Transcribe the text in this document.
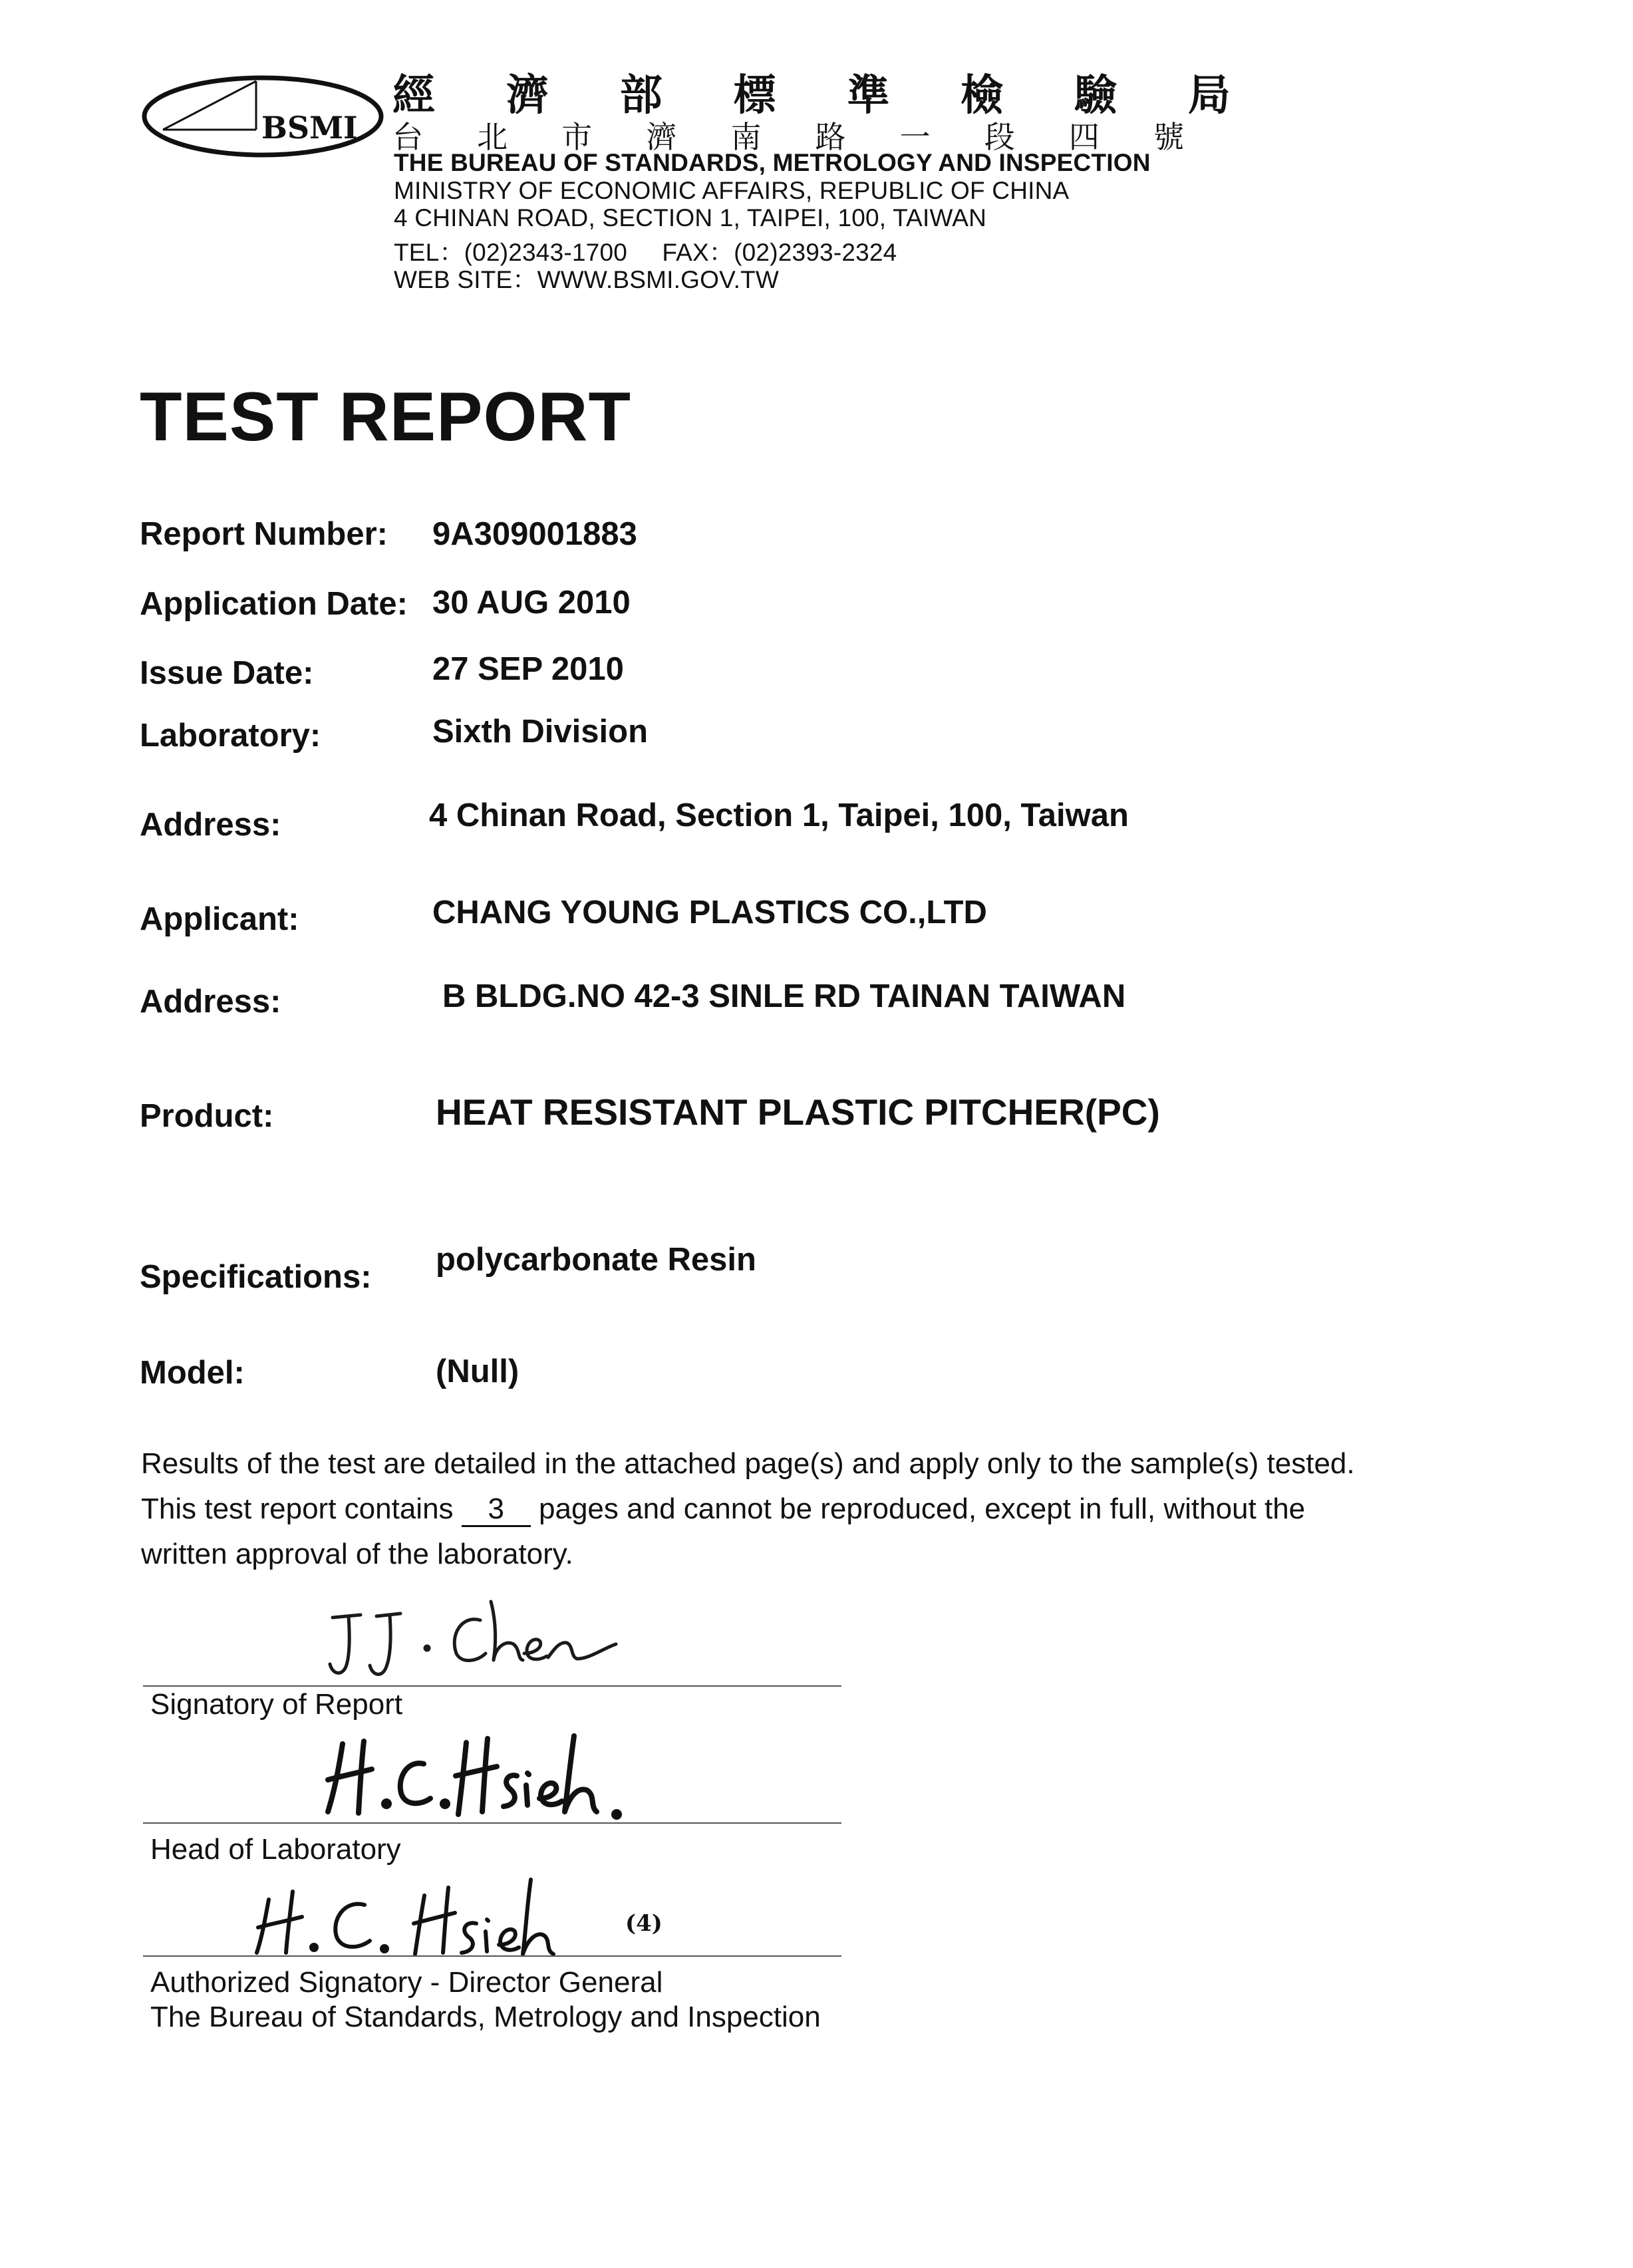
BSMI
經 濟 部 標 準 檢 驗 局
台 北 市 濟 南 路 一 段 四 號
THE BUREAU OF STANDARDS, METROLOGY AND INSPECTION
MINISTRY OF ECONOMIC AFFAIRS, REPUBLIC OF CHINA
4 CHINAN ROAD, SECTION 1, TAIPEI, 100, TAIWAN
TEL：(02)2343-1700     FAX：(02)2393-2324
WEB SITE：WWW.BSMI.GOV.TW
TEST REPORT
Report Number: 9A309001883
Application Date: 30 AUG 2010
Issue Date:	27 SEP 2010
Laboratory:	Sixth Division
Address:	4 Chinan Road, Section 1, Taipei, 100, Taiwan
Applicant:	CHANG YOUNG PLASTICS CO.,LTD
Address:	B BLDG.NO 42-3 SINLE RD TAINAN TAIWAN
Product:	HEAT RESISTANT PLASTIC PITCHER(PC)
Specifications: polycarbonate Resin
Model:	(Null)
Results of the test are detailed in the attached page(s) and apply only to the sample(s) tested.
This test report contains 3 pages and cannot be reproduced, except in full, without the
written approval of the laboratory.
Signatory of Report
Head of Laboratory
(4)
Authorized Signatory - Director General
The Bureau of Standards, Metrology and Inspection
